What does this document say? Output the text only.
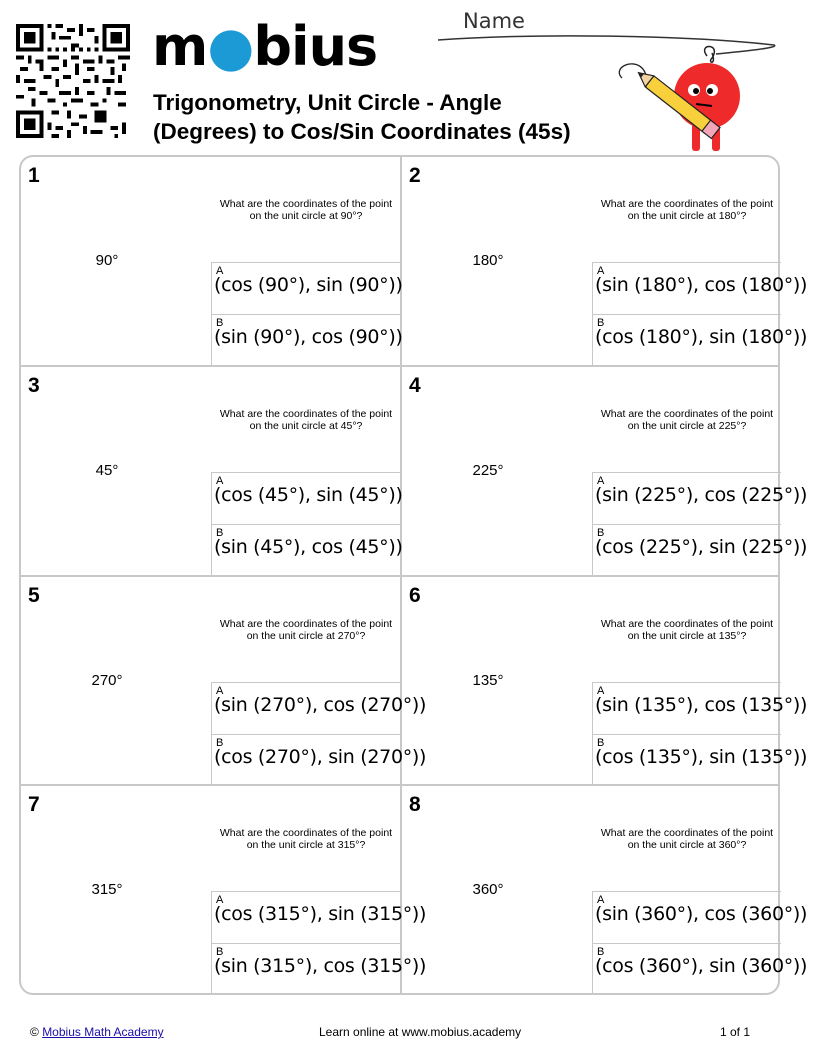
m●bius
Trigonometry, Unit Circle - Angle
(Degrees) to Cos/Sin Coordinates (45s)
Name
1
What are the coordinates of the point
on the unit circle at 90°?
90°
A
(cos (90°), sin (90°))
B
(sin (90°), cos (90°))
2
What are the coordinates of the point
on the unit circle at 180°?
180°
A
(sin (180°), cos (180°))
B
(cos (180°), sin (180°))
3
What are the coordinates of the point
on the unit circle at 45°?
45°
A
(cos (45°), sin (45°))
B
(sin (45°), cos (45°))
4
What are the coordinates of the point
on the unit circle at 225°?
225°
A
(sin (225°), cos (225°))
B
(cos (225°), sin (225°))
5
What are the coordinates of the point
on the unit circle at 270°?
270°
A
(sin (270°), cos (270°))
B
(cos (270°), sin (270°))
6
What are the coordinates of the point
on the unit circle at 135°?
135°
A
(sin (135°), cos (135°))
B
(cos (135°), sin (135°))
7
What are the coordinates of the point
on the unit circle at 315°?
315°
A
(cos (315°), sin (315°))
B
(sin (315°), cos (315°))
8
What are the coordinates of the point
on the unit circle at 360°?
360°
A
(sin (360°), cos (360°))
B
(cos (360°), sin (360°))
© Mobius Math Academy	Learn online at www.mobius.academy	1 of 1
